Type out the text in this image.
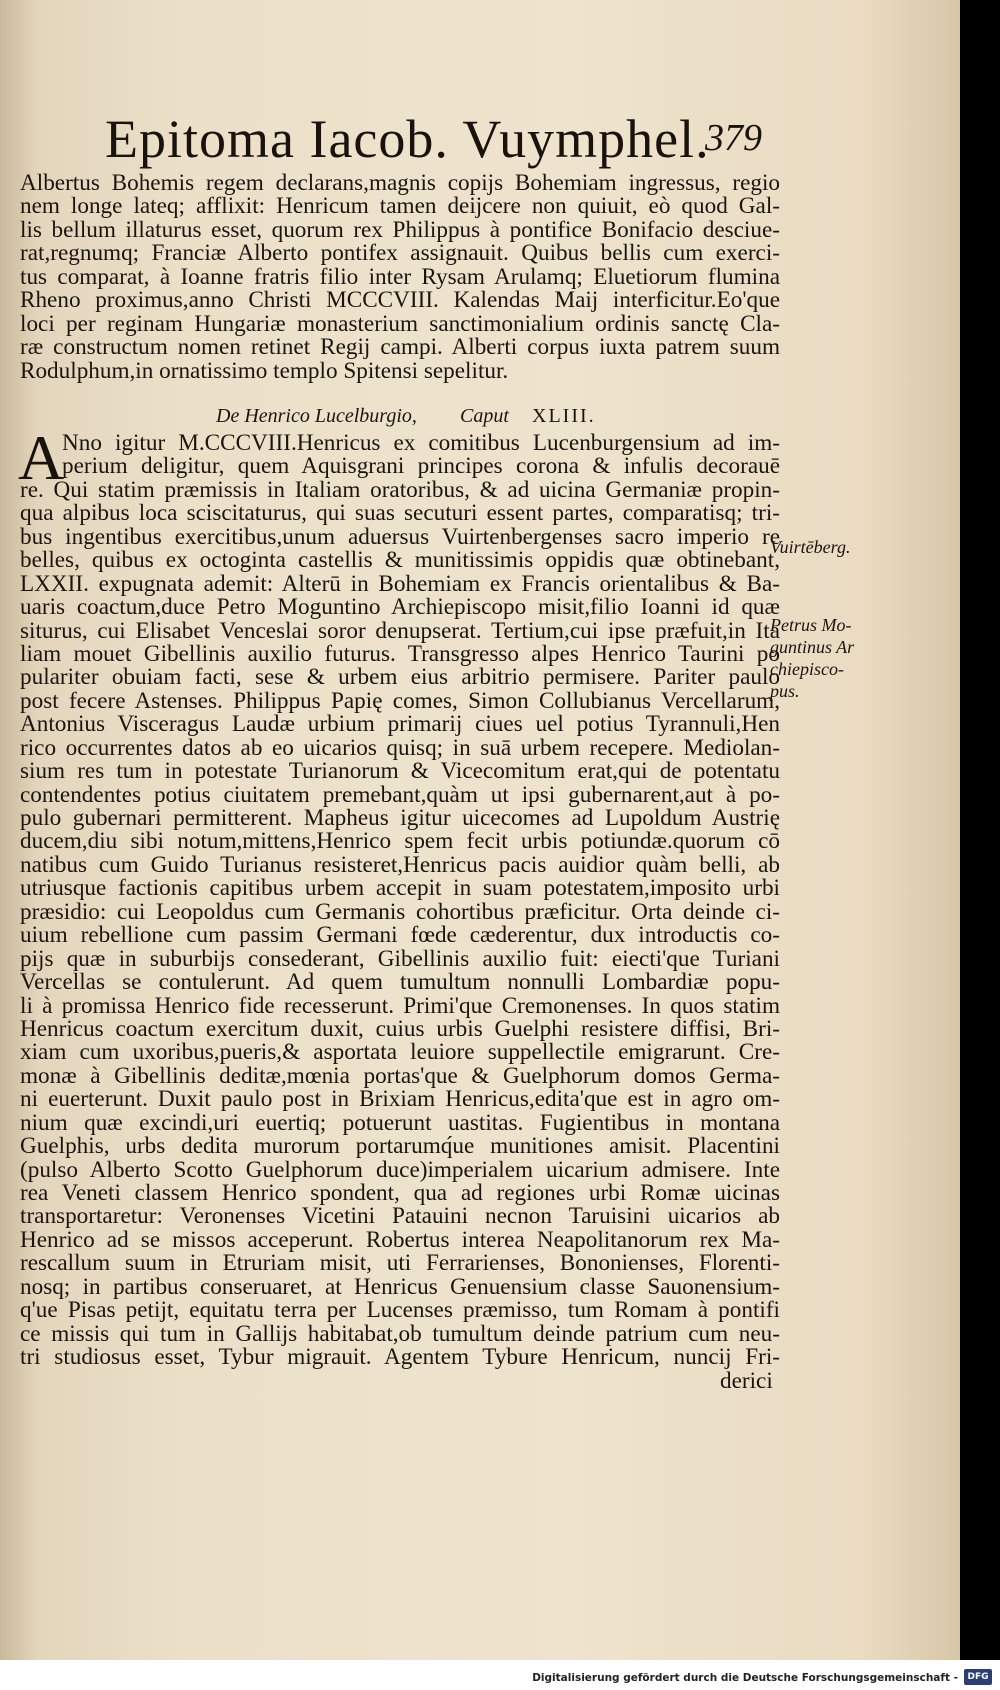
Epitoma Iacob. Vuymphel.
379
Albertus Bohemis regem declarans,magnis copijs Bohemiam ingressus, regio
nem longe lateq; afflixit: Henricum tamen deijcere non quiuit, eò quod Gal-
lis bellum illaturus esset, quorum rex Philippus à pontifice Bonifacio desciue-
rat,regnumq; Franciæ Alberto pontifex assignauit. Quibus bellis cum exerci-
tus comparat, à Ioanne fratris filio inter Rysam Arulamq; Eluetiorum flumina
Rheno proximus,anno Christi MCCCVIII. Kalendas Maij interficitur.Eo'que
loci per reginam Hungariæ monasterium sanctimonialium ordinis sanctę Cla-
ræ constructum nomen retinet Regij campi. Alberti corpus iuxta patrem suum
Rodulphum,in ornatissimo templo Spitensi sepelitur.
De Henrico Lucelburgio, Caput XLIII.
A
Nno igitur M.CCCVIII.Henricus ex comitibus Lucenburgensium ad im-
perium deligitur, quem Aquisgrani principes corona & infulis decorauē
re. Qui statim præmissis in Italiam oratoribus, & ad uicina Germaniæ propin-
qua alpibus loca sciscitaturus, qui suas secuturi essent partes, comparatisq; tri-
bus ingentibus exercitibus,unum aduersus Vuirtenbergenses sacro imperio re
belles, quibus ex octoginta castellis & munitissimis oppidis quæ obtinebant,
LXXII. expugnata ademit: Alterū in Bohemiam ex Francis orientalibus & Ba-
uaris coactum,duce Petro Moguntino Archiepiscopo misit,filio Ioanni id quæ
siturus, cui Elisabet Venceslai soror denupserat. Tertium,cui ipse præfuit,in Ita
liam mouet Gibellinis auxilio futurus. Transgresso alpes Henrico Taurini po
pulariter obuiam facti, sese & urbem eius arbitrio permisere. Pariter paulo
post fecere Astenses. Philippus Papię comes, Simon Collubianus Vercellarum,
Antonius Visceragus Laudæ urbium primarij ciues uel potius Tyrannuli,Hen
rico occurrentes datos ab eo uicarios quisq; in suā urbem recepere. Mediolan-
sium res tum in potestate Turianorum & Vicecomitum erat,qui de potentatu
contendentes potius ciuitatem premebant,quàm ut ipsi gubernarent,aut à po-
pulo gubernari permitterent. Mapheus igitur uicecomes ad Lupoldum Austrię
ducem,diu sibi notum,mittens,Henrico spem fecit urbis potiundæ.quorum cō
natibus cum Guido Turianus resisteret,Henricus pacis auidior quàm belli, ab
utriusque factionis capitibus urbem accepit in suam potestatem,imposito urbi
præsidio: cui Leopoldus cum Germanis cohortibus præficitur. Orta deinde ci-
uium rebellione cum passim Germani fœde cæderentur, dux introductis co-
pijs quæ in suburbijs consederant, Gibellinis auxilio fuit: eiecti'que Turiani
Vercellas se contulerunt. Ad quem tumultum nonnulli Lombardiæ popu-
li à promissa Henrico fide recesserunt. Primi'que Cremonenses. In quos statim
Henricus coactum exercitum duxit, cuius urbis Guelphi resistere diffisi, Bri-
xiam cum uxoribus,pueris,& asportata leuiore suppellectile emigrarunt. Cre-
monæ à Gibellinis deditæ,mœnia portas'que & Guelphorum domos Germa-
ni euerterunt. Duxit paulo post in Brixiam Henricus,edita'que est in agro om-
nium quæ excindi,uri euertiq; potuerunt uastitas. Fugientibus in montana
Guelphis, urbs dedita murorum portarumq́ue munitiones amisit. Placentini
(pulso Alberto Scotto Guelphorum duce)imperialem uicarium admisere. Inte
rea Veneti classem Henrico spondent, qua ad regiones urbi Romæ uicinas
transportaretur: Veronenses Vicetini Patauini necnon Taruisini uicarios ab
Henrico ad se missos acceperunt. Robertus interea Neapolitanorum rex Ma-
rescallum suum in Etruriam misit, uti Ferrarienses, Bononienses, Florenti-
nosq; in partibus conseruaret, at Henricus Genuensium classe Sauonensium-
q'ue Pisas petijt, equitatu terra per Lucenses præmisso, tum Romam à pontifi
ce missis qui tum in Gallijs habitabat,ob tumultum deinde patrium cum neu-
tri studiosus esset, Tybur migrauit. Agentem Tybure Henricum, nuncij Fri-
derici
Vuirtēberg.
Petrus Mo-
guntinus Ar
chiepisco-
pus.
Digitalisierung gefördert durch die Deutsche Forschungsgemeinschaft -	DFG
